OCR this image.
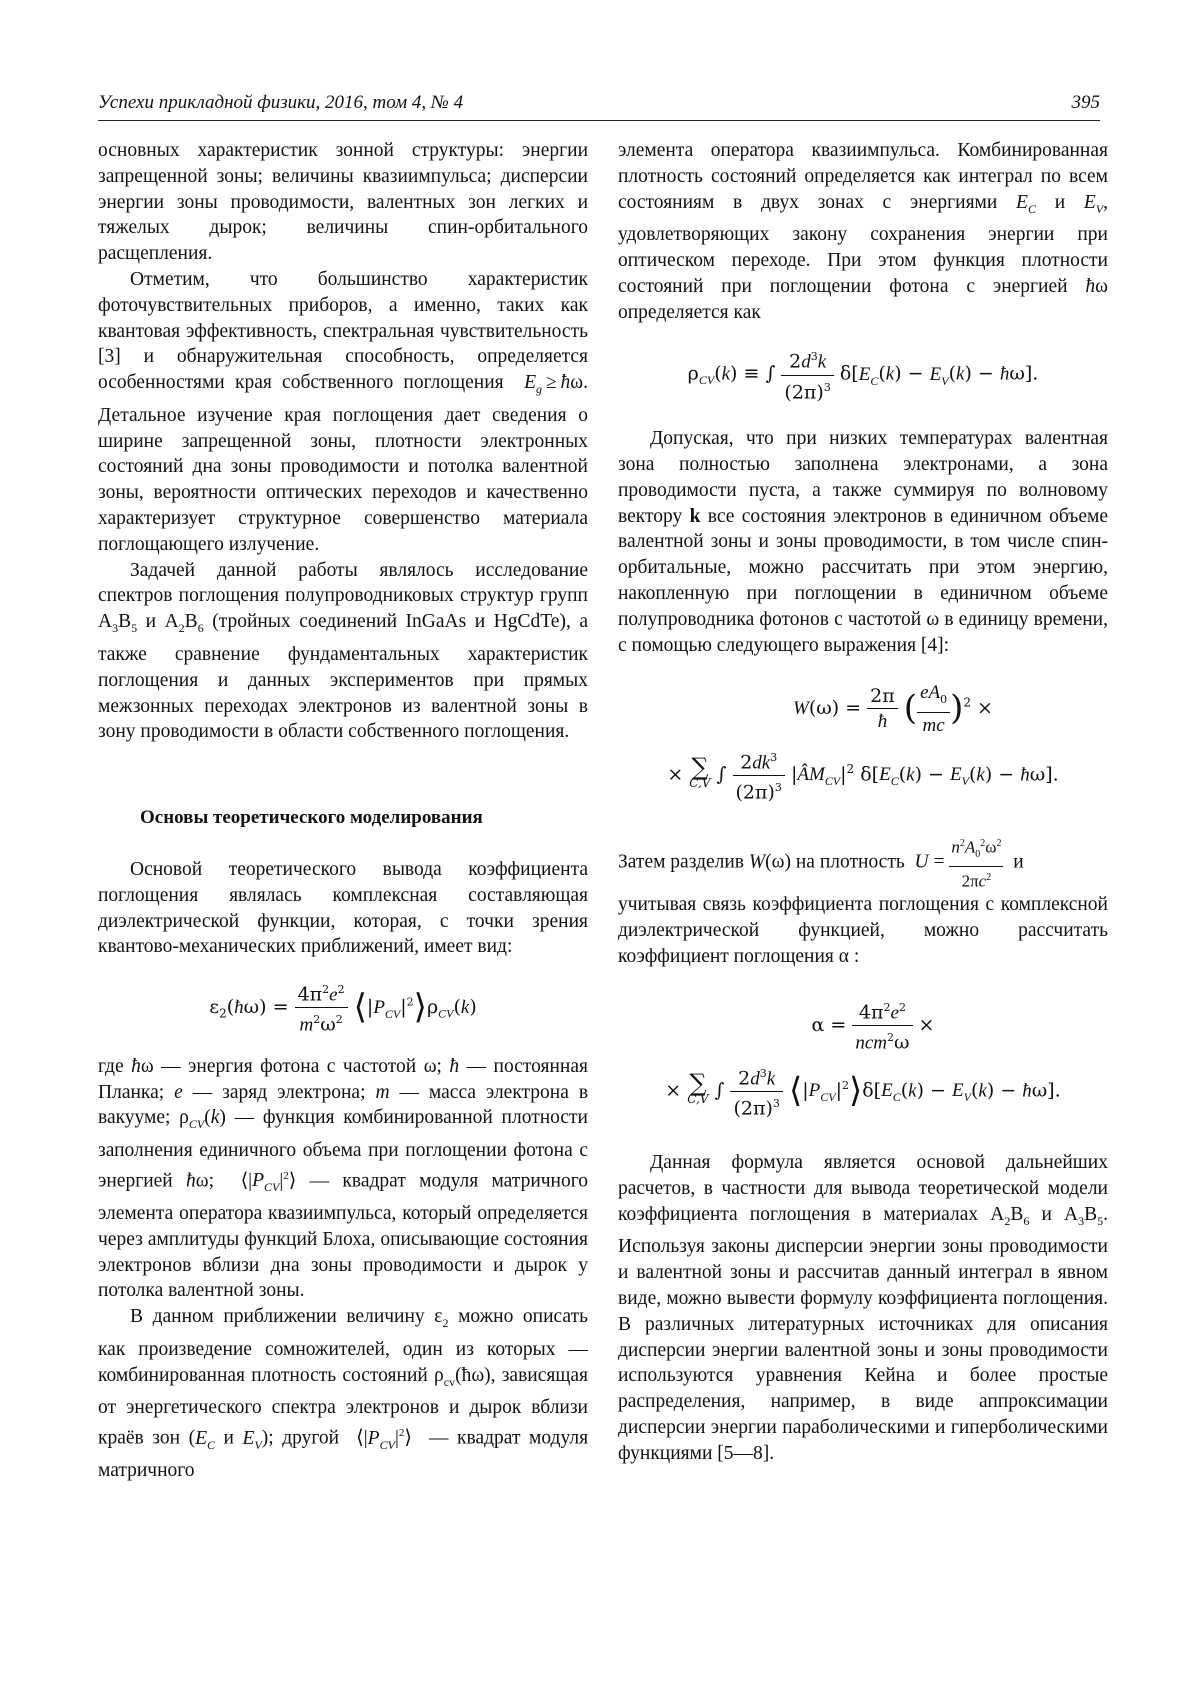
Успехи прикладной физики, 2016, том 4, № 4	395

основных характеристик зонной структуры: энергии запрещенной зоны; величины квазиимпульса; дисперсии энергии зоны проводимости, валентных зон легких и тяжелых дырок; величины спин-орбитального расщепления.

Отметим, что большинство характеристик фоточувствительных приборов, а именно, таких как квантовая эффективность, спектральная чувствительность [3] и обнаружительная способность, определяется особенностями края собственного поглощения $E_g$ ≥ ħω. Детальное изучение края поглощения дает сведения о ширине запрещенной зоны, плотности электронных состояний дна зоны проводимости и потолка валентной зоны, вероятности оптических переходов и качественно характеризует структурное совершенство материала поглощающего излучение.

Задачей данной работы являлось исследование спектров поглощения полупроводниковых структур групп $A_3B_5$ и $A_2B_6$ (тройных соединений InGaAs и HgCdTe), а также сравнение фундаментальных характеристик поглощения и данных экспериментов при прямых межзонных переходах электронов из валентной зоны в зону проводимости в области собственного поглощения.

Основы теоретического моделирования

Основой теоретического вывода коэффициента поглощения являлась комплексная составляющая диэлектрической функции, которая, с точки зрения квантово-механических приближений, имеет вид:

$\varepsilon_2(ħ\omega) = \frac{4\pi^2e^2}{m^2\omega^2}$ $⟨|P_{CV}|^2⟩\rho_{CV}(k)$

где ħω — энергия фотона с частотой ω; ħ — постоянная Планка; e — заряд электрона; m — масса электрона в вакууме; $\rho_{CV}(k)$ — функция комбинированной плотности заполнения единичного объема при поглощении фотона с энергией ħω;  $⟨|P_{CV}|^2⟩$ — квадрат модуля матричного элемента оператора квазиимпульса, который определяется через амплитуды функций Блоха, описывающие состояния электронов вблизи дна зоны проводимости и дырок у потолка валентной зоны.

В данном приближении величину $\varepsilon_2$ можно описать как произведение сомножителей, один из которых — комбинированная плотность состояний $\rho_{cv}(ħ\omega)$, зависящая от энергетического спектра электронов и дырок вблизи краёв зон ($E_C$ и $E_V$); другой  $⟨|P_{CV}|^2⟩$  — квадрат модуля матричного

элемента оператора квазиимпульса. Комбинированная плотность состояний определяется как интеграл по всем состояниям в двух зонах с энергиями $E_C$ и $E_V$, удовлетворяющих закону сохранения энергии при оптическом переходе. При этом функция плотности состояний при поглощении фотона с энергией ħω определяется как

$\rho_{CV}(k)$ ≡ ∫ $\frac{2d^3k}{(2\pi)^3} \delta[E_C(k) - E_V(k)$ − ħω].

Допуская, что при низких температурах валентная зона полностью заполнена электронами, а зона проводимости пуста, а также суммируя по волновому вектору k все состояния электронов в единичном объеме валентной зоны и зоны проводимости, в том числе спин-орбитальные, можно рассчитать при этом энергию, накопленную при поглощении в единичном объеме полупроводника фотонов с частотой ω в единицу времени, с помощью следующего выражения [4]:

$W(\omega) = \frac{2\pi}{ħ}$ ( $\frac{eA_0}{mc} )^2$ ×
× ∑
C,V ∫ $\frac{2dk^3}{(2\pi)^3}$ $|ÂM_{CV}|^2$ $\delta[E_C(k) - E_V(k)$ − ħω].

Затем разделив W(ω) на плотность $U = \frac{n^2A_0^2\omega^2}{2\pi c^2}$ и

учитывая связь коэффициента поглощения с комплексной диэлектрической функцией, можно рассчитать коэффициент поглощения α :

$\alpha = \frac{4\pi^2e^2}{ncm^2\omega}$ ×
× ∑
C,V ∫ $\frac{2d^3k}{(2\pi)^3}$ $⟨|P_{CV}|^2⟩\delta[E_C(k) - E_V(k)$ − ħω].

Данная формула является основой дальнейших расчетов, в частности для вывода теоретической модели коэффициента поглощения в материалах $A_2B_6$ и $A_3B_5$. Используя законы дисперсии энергии зоны проводимости и валентной зоны и рассчитав данный интеграл в явном виде, можно вывести формулу коэффициента поглощения. В различных литературных источниках для описания дисперсии энергии валентной зоны и зоны проводимости используются уравнения Кейна и более простые распределения, например, в виде аппроксимации дисперсии энергии параболическими и гиперболическими функциями [5—8].
